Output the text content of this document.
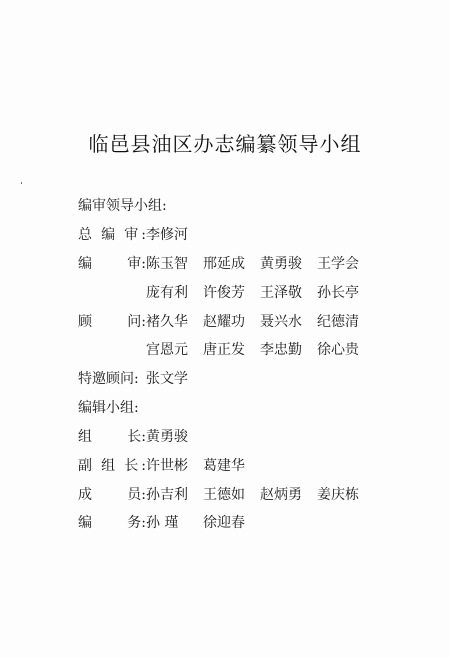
临邑县油区办志编纂领导小组
编审领导小组:
总 编 审 : 李修河
编	审 : 陈玉智	邢延成	黄勇骏	王学会
庞有利	许俊芳	王泽敬	孙长亭
顾	问 : 褚久华	赵耀功	聂兴水	纪德清
宫恩元	唐正发	李忠勤	徐心贵
特 邀 顾 问 : 张文学
编辑小组:
组	长 : 黄勇骏
副 组 长 : 许世彬	葛建华
成	员 : 孙吉利	王德如	赵炳勇	姜庆栋
编	务 : 孙 瑾	徐迎春
